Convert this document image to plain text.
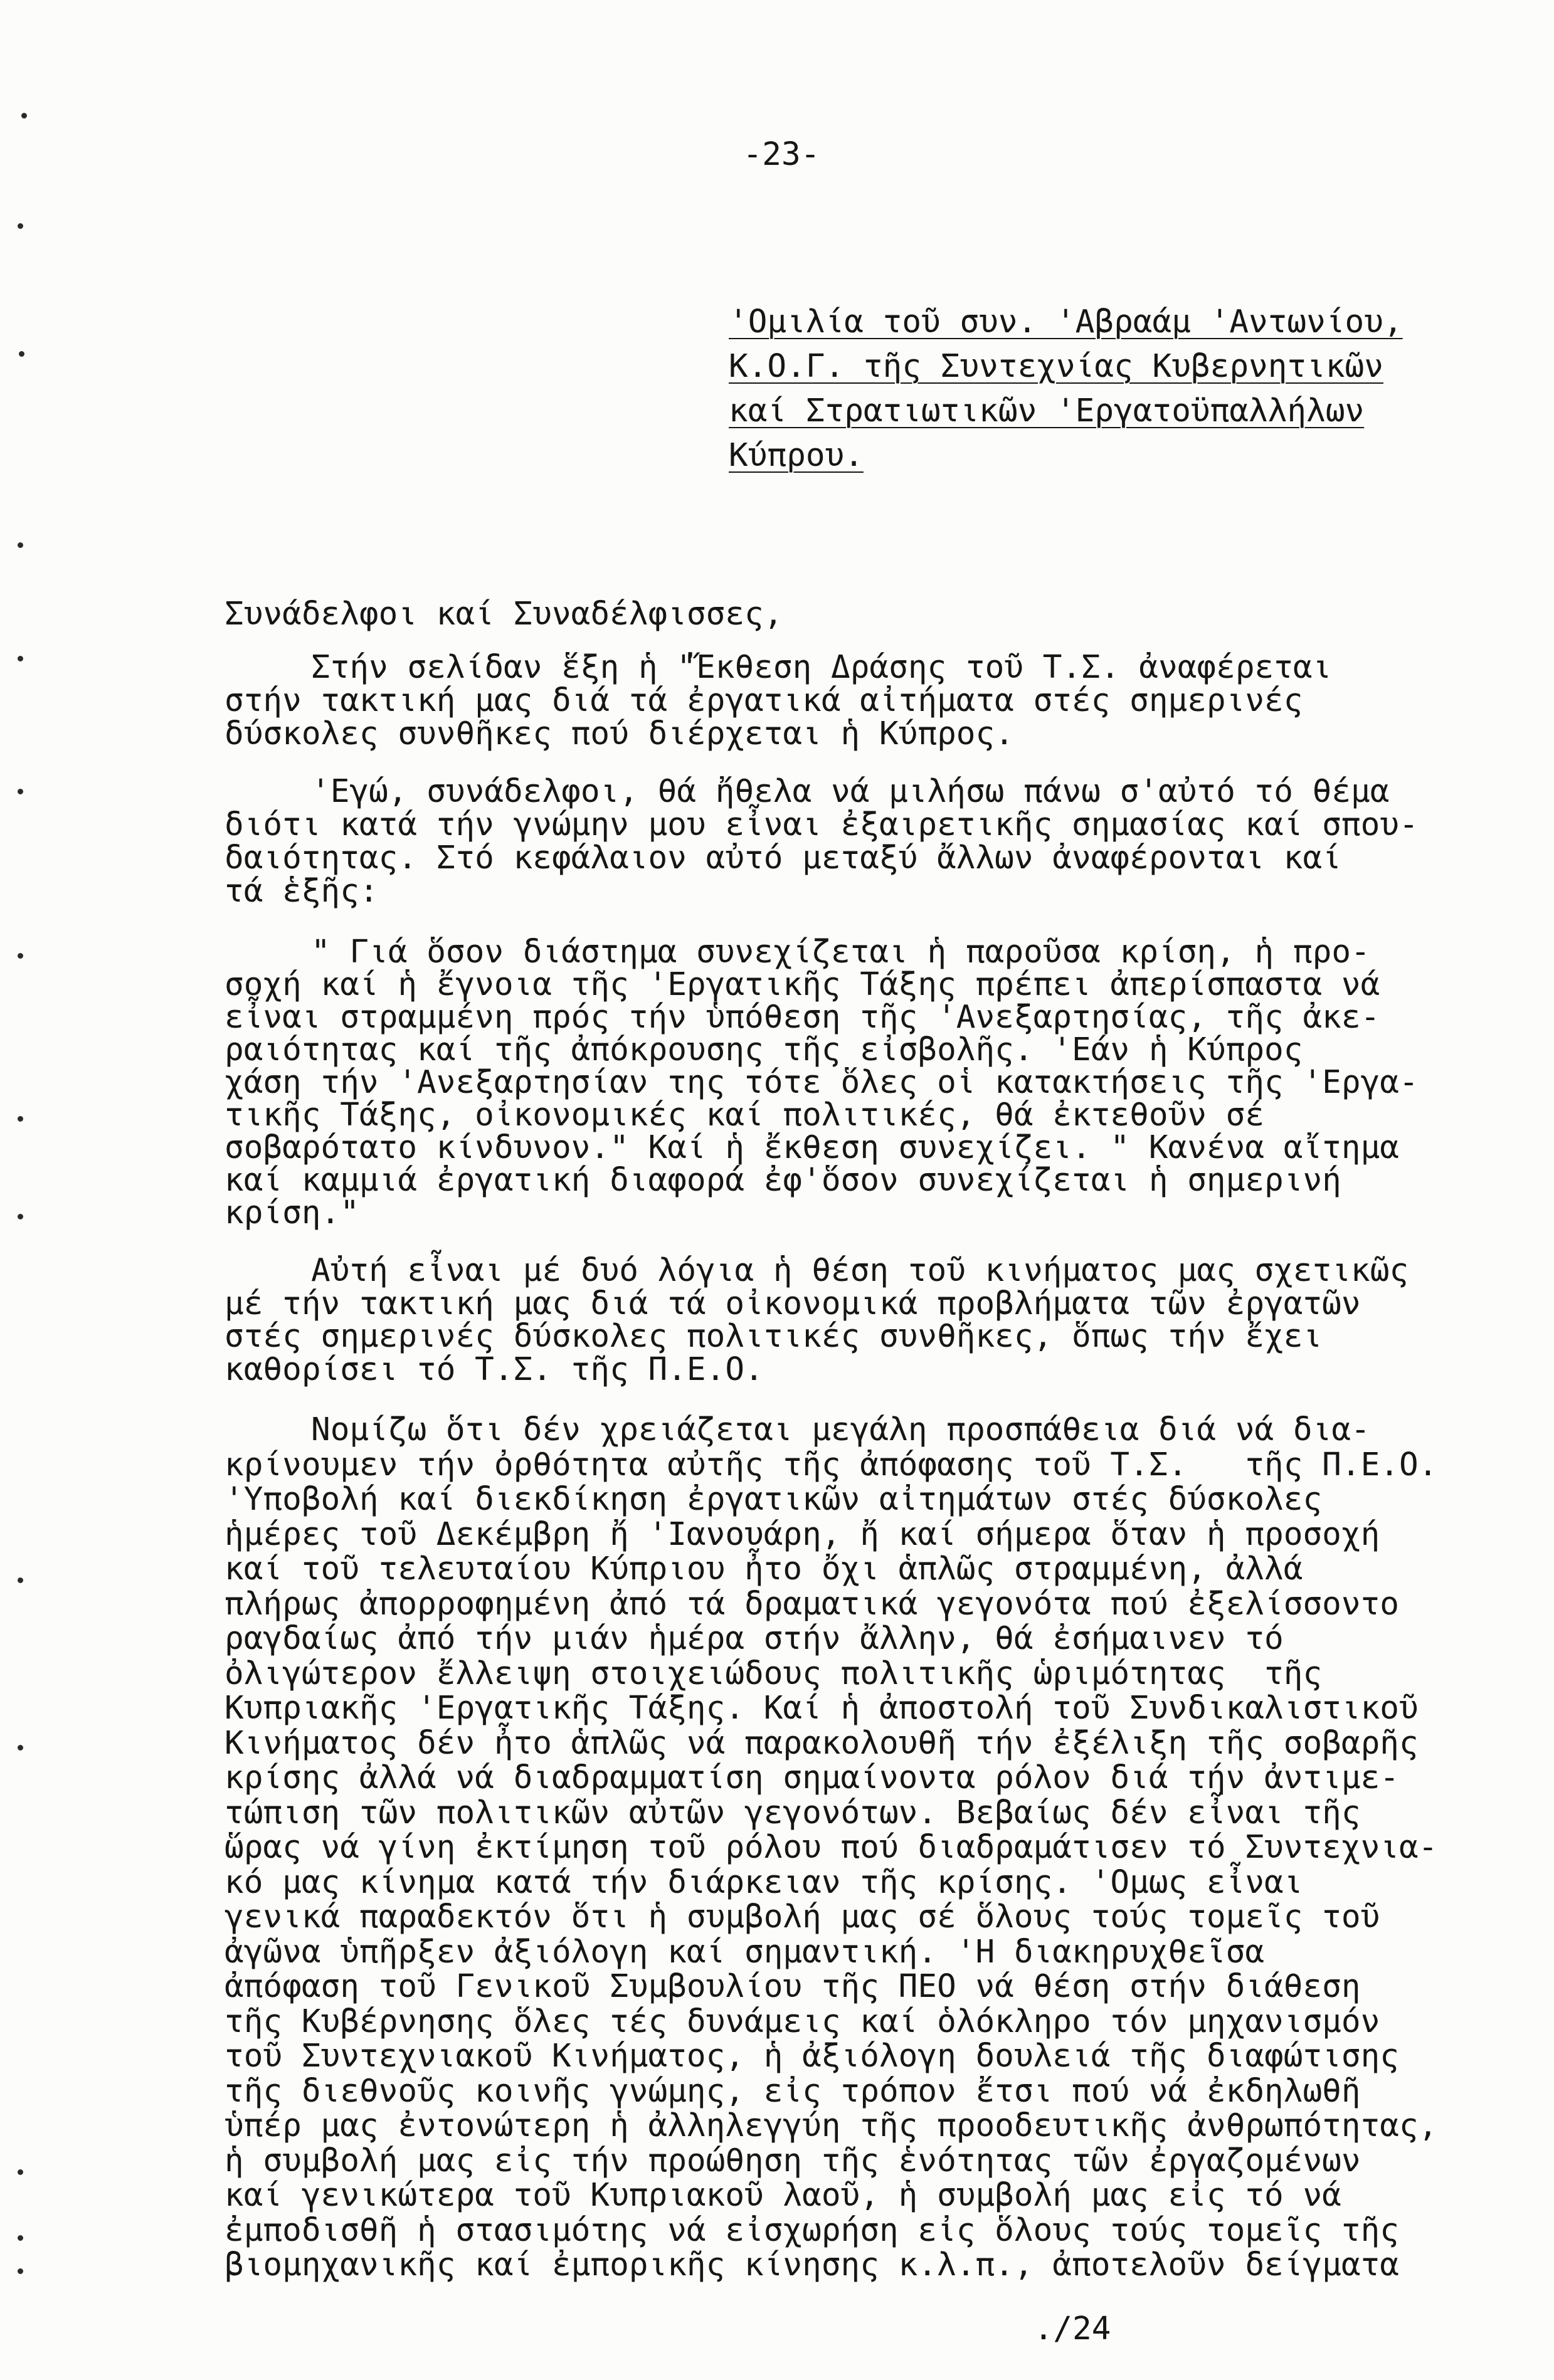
-23-
'Ομιλία τοῦ συν. 'Αβραάμ 'Αντωνίου,
Κ.Ο.Γ. τῆς Συντεχνίας Κυβερνητικῶν
καί Στρατιωτικῶν 'Εργατοϋπαλλήλων
Κύπρου.
Συνάδελφοι καί Συναδέλφισσες,
Στήν σελίδαν ἕξη ἡ "Ἔκθεση Δράσης τοῦ Τ.Σ. ἀναφέρεται
στήν τακτική μας διά τά ἐργατικά αἰτήματα στές σημερινές
δύσκολες συνθῆκες πού διέρχεται ἡ Κύπρος.
'Εγώ, συνάδελφοι, θά ἤθελα νά μιλήσω πάνω σ'αὐτό τό θέμα
διότι κατά τήν γνώμην μου εἶναι ἐξαιρετικῆς σημασίας καί σπου-
δαιότητας. Στό κεφάλαιον αὐτό μεταξύ ἄλλων ἀναφέρονται καί
τά ἑξῆς:
" Γιά ὅσον διάστημα συνεχίζεται ἡ παροῦσα κρίση, ἡ προ-
σοχή καί ἡ ἔγνοια τῆς 'Εργατικῆς Τάξης πρέπει ἀπερίσπαστα νά
εἶναι στραμμένη πρός τήν ὑπόθεση τῆς 'Ανεξαρτησίας, τῆς ἀκε-
ραιότητας καί τῆς ἀπόκρουσης τῆς εἰσβολῆς. 'Εάν ἡ Κύπρος
χάση τήν 'Ανεξαρτησίαν της τότε ὅλες οἱ κατακτήσεις τῆς 'Εργα-
τικῆς Τάξης, οἰκονομικές καί πολιτικές, θά ἐκτεθοῦν σέ
σοβαρότατο κίνδυνον." Καί ἡ ἔκθεση συνεχίζει. " Κανένα αἴτημα
καί καμμιά ἐργατική διαφορά ἐφ'ὅσον συνεχίζεται ἡ σημερινή
κρίση."
Αὐτή εἶναι μέ δυό λόγια ἡ θέση τοῦ κινήματος μας σχετικῶς
μέ τήν τακτική μας διά τά οἰκονομικά προβλήματα τῶν ἐργατῶν
στές σημερινές δύσκολες πολιτικές συνθῆκες, ὅπως τήν ἔχει
καθορίσει τό Τ.Σ. τῆς Π.Ε.Ο.
Νομίζω ὅτι δέν χρειάζεται μεγάλη προσπάθεια διά νά δια-
κρίνουμεν τήν ὀρθότητα αὐτῆς τῆς ἀπόφασης τοῦ Τ.Σ.   τῆς Π.Ε.Ο.
'Υποβολή καί διεκδίκηση ἐργατικῶν αἰτημάτων στές δύσκολες
ἡμέρες τοῦ Δεκέμβρη ἤ 'Ιανουάρη, ἤ καί σήμερα ὅταν ἡ προσοχή
καί τοῦ τελευταίου Κύπριου ἦτο ὄχι ἁπλῶς στραμμένη, ἀλλά
πλήρως ἀπορροφημένη ἀπό τά δραματικά γεγονότα πού ἐξελίσσοντο
ραγδαίως ἀπό τήν μιάν ἡμέρα στήν ἄλλην, θά ἐσήμαινεν τό
ὀλιγώτερον ἔλλειψη στοιχειώδους πολιτικῆς ὡριμότητας  τῆς
Κυπριακῆς 'Εργατικῆς Τάξης. Καί ἡ ἀποστολή τοῦ Συνδικαλιστικοῦ
Κινήματος δέν ἦτο ἁπλῶς νά παρακολουθῆ τήν ἐξέλιξη τῆς σοβαρῆς
κρίσης ἀλλά νά διαδραμματίση σημαίνοντα ρόλον διά τήν ἀντιμε-
τώπιση τῶν πολιτικῶν αὐτῶν γεγονότων. Βεβαίως δέν εἶναι τῆς
ὥρας νά γίνη ἐκτίμηση τοῦ ρόλου πού διαδραμάτισεν τό Συντεχνια-
κό μας κίνημα κατά τήν διάρκειαν τῆς κρίσης. 'Ομως εἶναι
γενικά παραδεκτόν ὅτι ἡ συμβολή μας σέ ὅλους τούς τομεῖς τοῦ
ἀγῶνα ὑπῆρξεν ἀξιόλογη καί σημαντική. 'Η διακηρυχθεῖσα
ἀπόφαση τοῦ Γενικοῦ Συμβουλίου τῆς ΠΕΟ νά θέση στήν διάθεση
τῆς Κυβέρνησης ὅλες τές δυνάμεις καί ὁλόκληρο τόν μηχανισμόν
τοῦ Συντεχνιακοῦ Κινήματος, ἡ ἀξιόλογη δουλειά τῆς διαφώτισης
τῆς διεθνοῦς κοινῆς γνώμης, εἰς τρόπον ἔτσι πού νά ἐκδηλωθῆ
ὑπέρ μας ἐντονώτερη ἡ ἀλληλεγγύη τῆς προοδευτικῆς ἀνθρωπότητας,
ἡ συμβολή μας εἰς τήν προώθηση τῆς ἑνότητας τῶν ἐργαζομένων
καί γενικώτερα τοῦ Κυπριακοῦ λαοῦ, ἡ συμβολή μας εἰς τό νά
ἐμποδισθῆ ἡ στασιμότης νά εἰσχωρήση εἰς ὅλους τούς τομεῖς τῆς
βιομηχανικῆς καί ἐμπορικῆς κίνησης κ.λ.π., ἀποτελοῦν δείγματα
./24
